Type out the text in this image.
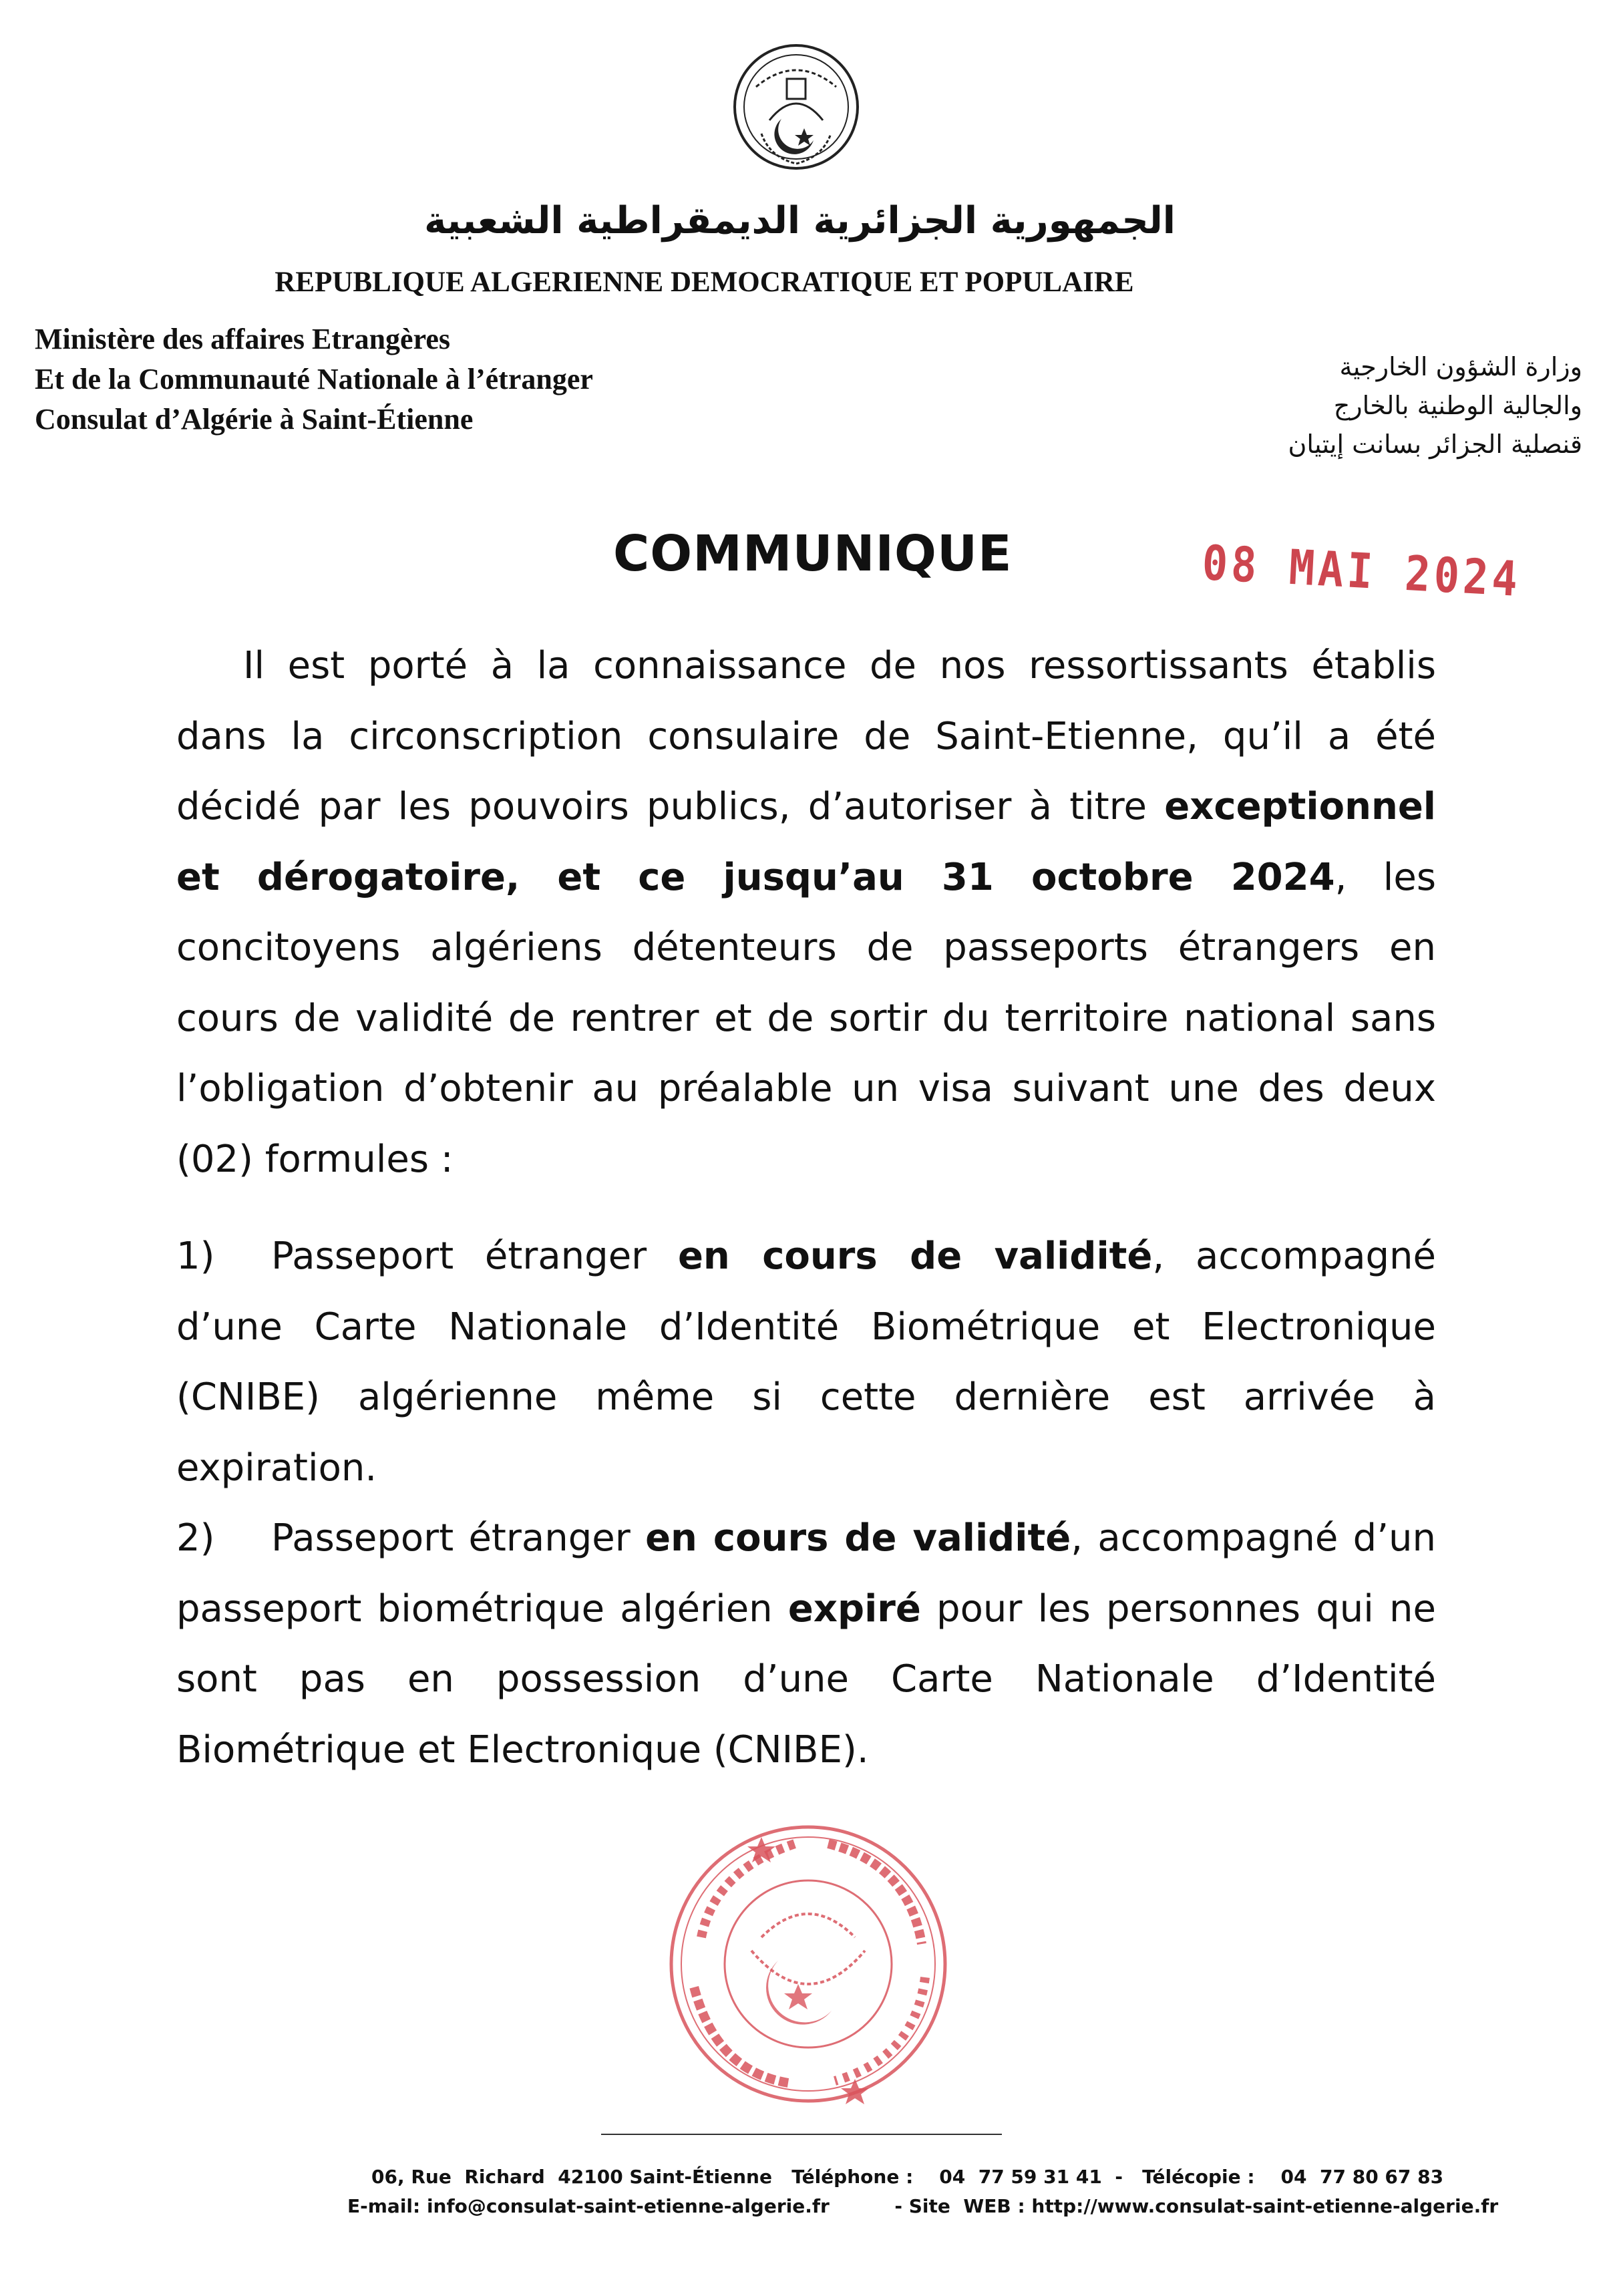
الجمهورية الجزائرية الديمقراطية الشعبية
REPUBLIQUE ALGERIENNE DEMOCRATIQUE ET POPULAIRE
Ministère des affaires Etrangères
Et de la Communauté Nationale à l’étranger
Consulat d’Algérie à Saint-Étienne
وزارة الشؤون الخارجية
والجالية الوطنية بالخارج
قنصلية الجزائر بسانت إيتيان
COMMUNIQUE	08 MAI 2024
Il est porté à la connaissance de nos ressortissants établis dans la circonscription consulaire de Saint-Etienne, qu’il a été décidé par les pouvoirs publics, d’autoriser à titre exceptionnel et dérogatoire, et ce jusqu’au 31 octobre 2024, les concitoyens algériens détenteurs de passeports étrangers en cours de validité de rentrer et de sortir du territoire national sans l’obligation d’obtenir au préalable un visa suivant une des deux (02) formules :
1) Passeport étranger en cours de validité, accompagné d’une Carte Nationale d’Identité Biométrique et Electronique (CNIBE) algérienne même si cette dernière est arrivée à expiration.
2) Passeport étranger en cours de validité, accompagné d’un passeport biométrique algérien expiré pour les personnes qui ne sont pas en possession d’une Carte Nationale d’Identité Biométrique et Electronique (CNIBE).
06, Rue  Richard  42100 Saint-Étienne   Téléphone :    04  77 59 31 41  -   Télécopie :    04  77 80 67 83
E-mail: info@consulat-saint-etienne-algerie.fr          - Site  WEB : http://www.consulat-saint-etienne-algerie.fr
